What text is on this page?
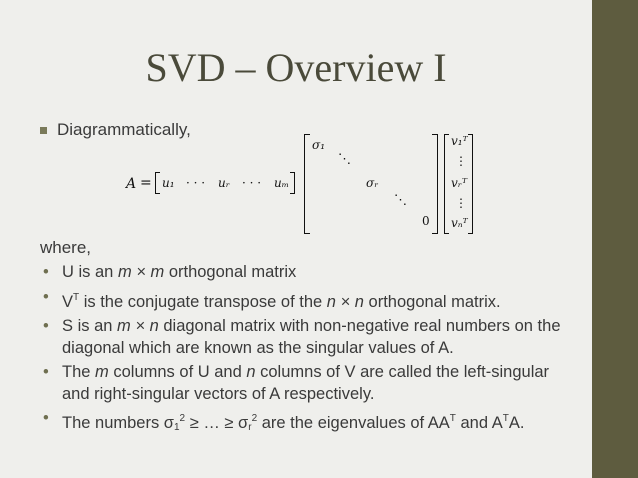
SVD – Overview I
Diagrammatically,
A = u₁ · · · uᵣ · · · uₘ
σ₁
⋱
σᵣ
⋱
0
v₁ᵀ
⋮
vᵣᵀ
⋮
vₙᵀ
where,
• U is an m × m orthogonal matrix
• $V^T$ is the conjugate transpose of the n × n orthogonal matrix.
• S is an m × n diagonal matrix with non-negative real numbers on the diagonal which are known as the singular values of A.
• The m columns of U and n columns of V are called the left-singular and right-singular vectors of A respectively.
• The numbers $\sigma_1^2$ ≥ … ≥ $\sigma_r^2$ are the eigenvalues of $AA^T$ and $A^TA$.
